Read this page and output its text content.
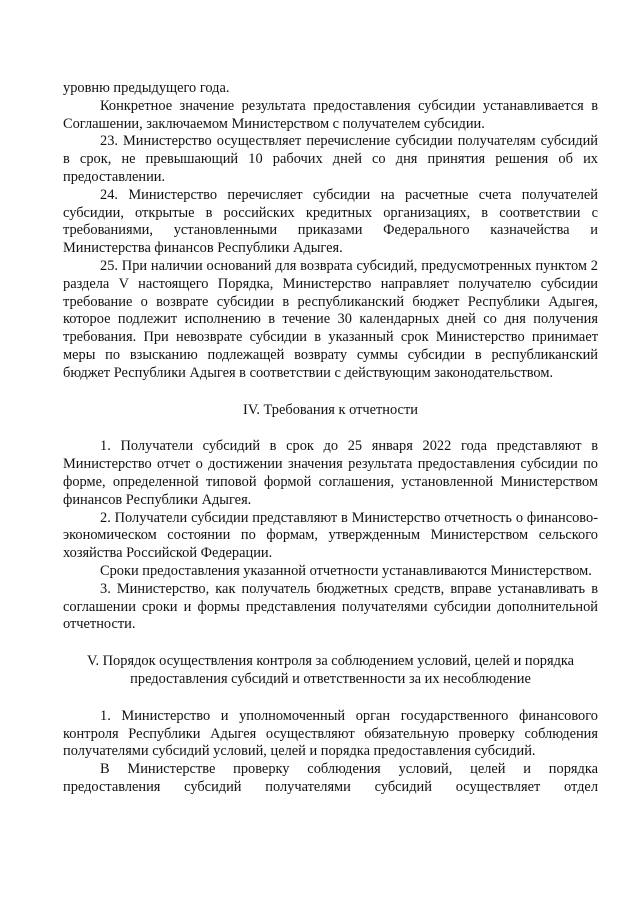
уровню предыдущего года.

Конкретное значение результата предоставления субсидии устанавливается в Соглашении, заключаемом Министерством с получателем субсидии.

23. Министерство осуществляет перечисление субсидии получателям субсидий в срок, не превышающий 10 рабочих дней со дня принятия решения об их предоставлении.

24. Министерство перечисляет субсидии на расчетные счета получателей субсидии, открытые в российских кредитных организациях, в соответствии с требованиями, установленными приказами Федерального казначейства и Министерства финансов Республики Адыгея.

25. При наличии оснований для возврата субсидий, предусмотренных пунктом 2 раздела V настоящего Порядка, Министерство направляет получателю субсидии требование о возврате субсидии в республиканский бюджет Республики Адыгея, которое подлежит исполнению в течение 30 календарных дней со дня получения требования. При невозврате субсидии в указанный срок Министерство принимает меры по взысканию подлежащей возврату суммы субсидии в республиканский бюджет Республики Адыгея в соответствии с действующим законодательством.

IV. Требования к отчетности

1. Получатели субсидий в срок до 25 января 2022 года представляют в Министерство отчет о достижении значения результата предоставления субсидии по форме, определенной типовой формой соглашения, установленной Министерством финансов Республики Адыгея.

2. Получатели субсидии представляют в Министерство отчетность о финансово-экономическом состоянии по формам, утвержденным Министерством сельского хозяйства Российской Федерации.

Сроки предоставления указанной отчетности устанавливаются Министерством.

3. Министерство, как получатель бюджетных средств, вправе устанавливать в соглашении сроки и формы представления получателями субсидии дополнительной отчетности.

V. Порядок осуществления контроля за соблюдением условий, целей и порядка предоставления субсидий и ответственности за их несоблюдение

1. Министерство и уполномоченный орган государственного финансового контроля Республики Адыгея осуществляют обязательную проверку соблюдения получателями субсидий условий, целей и порядка предоставления субсидий.

В Министерстве проверку соблюдения условий, целей и порядка предоставления субсидий получателями субсидий осуществляет отдел
